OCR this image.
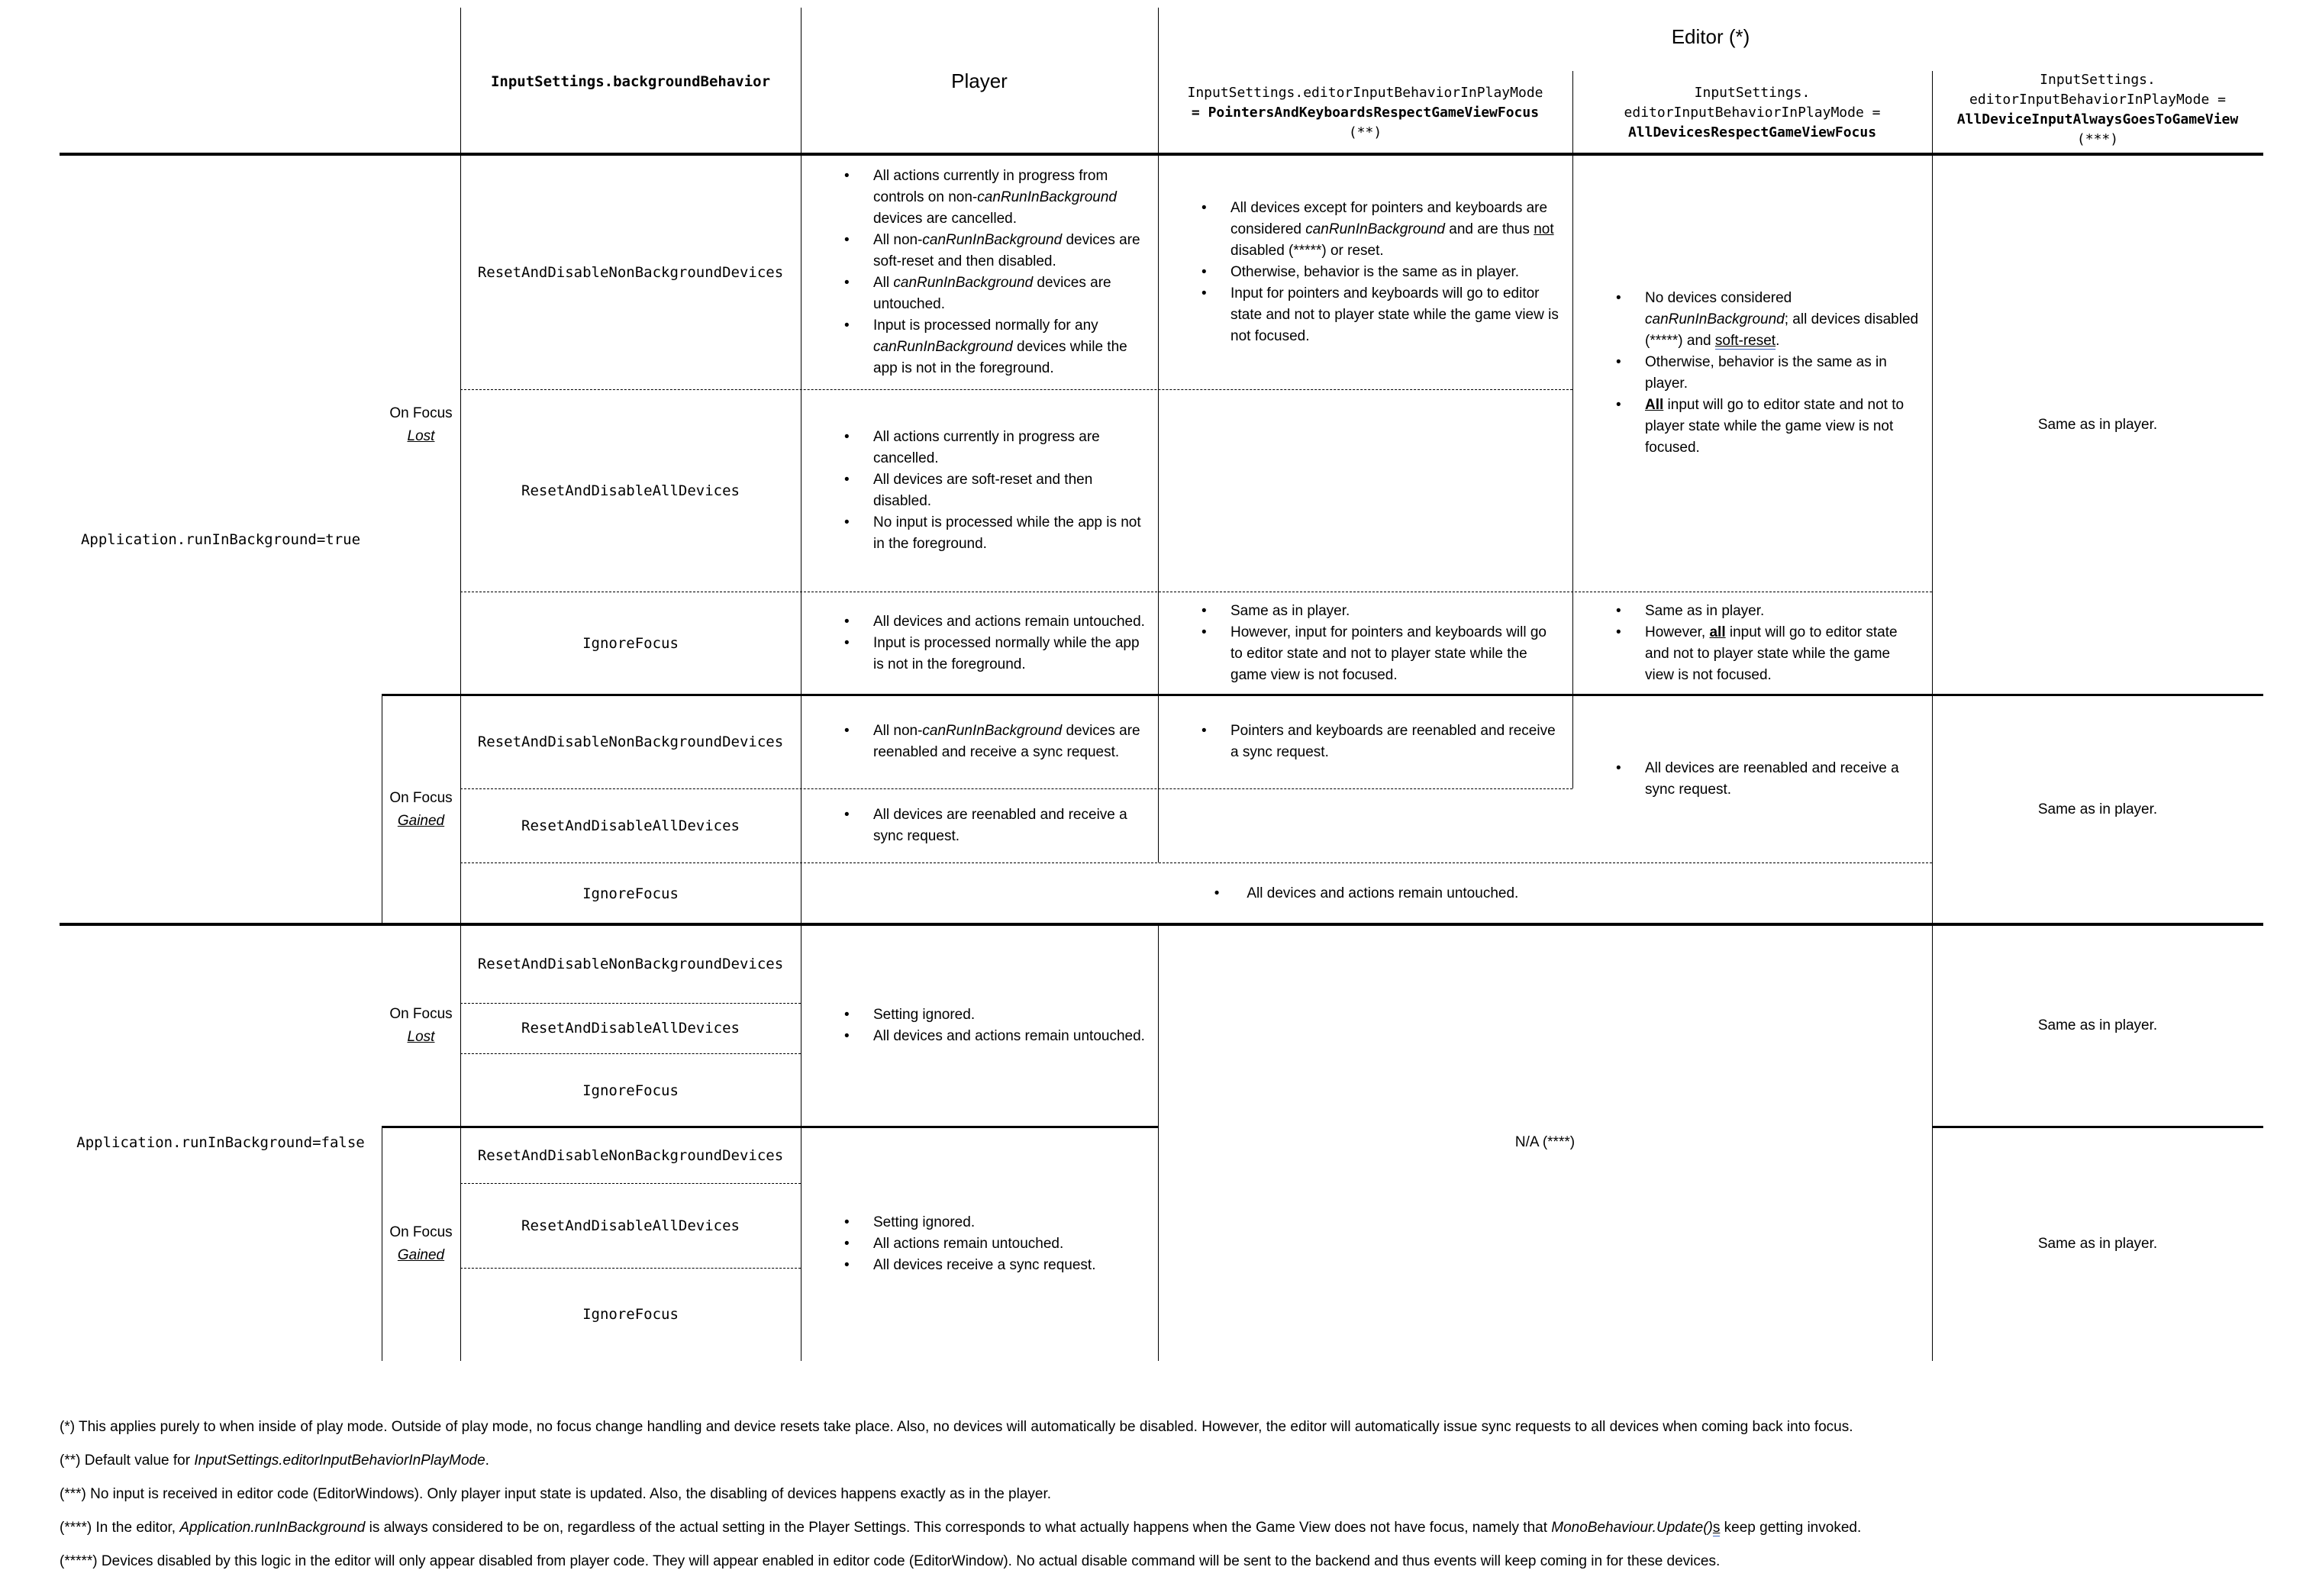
InputSettings.backgroundBehavior	Player
Editor (*)
InputSettings.editorInputBehaviorInPlayMode
= PointersAndKeyboardsRespectGameViewFocus
(**)
InputSettings.
editorInputBehaviorInPlayMode =
AllDevicesRespectGameViewFocus
InputSettings.
editorInputBehaviorInPlayMode =
AllDeviceInputAlwaysGoesToGameView
(***)
Application.runInBackground=true
Application.runInBackground=false
On Focus
Lost
On Focus
Gained
On Focus
Lost
On Focus
Gained
ResetAndDisableNonBackgroundDevices
ResetAndDisableAllDevices
IgnoreFocus
ResetAndDisableNonBackgroundDevices
ResetAndDisableAllDevices
IgnoreFocus
ResetAndDisableNonBackgroundDevices
ResetAndDisableAllDevices
IgnoreFocus
ResetAndDisableNonBackgroundDevices
ResetAndDisableAllDevices
IgnoreFocus
• All actions currently in progress from controls on non-canRunInBackground devices are cancelled.
• All non-canRunInBackground devices are soft-reset and then disabled.
• All canRunInBackground devices are untouched.
• Input is processed normally for any canRunInBackground devices while the app is not in the foreground.
• All actions currently in progress are cancelled.
• All devices are soft-reset and then disabled.
• No input is processed while the app is not in the foreground.
• All devices and actions remain untouched.
• Input is processed normally while the app is not in the foreground.
• All non-canRunInBackground devices are reenabled and receive a sync request.
• All devices are reenabled and receive a sync request.
• All devices except for pointers and keyboards are considered canRunInBackground and are thus not disabled (*****) or reset.
• Otherwise, behavior is the same as in player.
• Input for pointers and keyboards will go to editor state and not to player state while the game view is not focused.
• Same as in player.
• However, input for pointers and keyboards will go to editor state and not to player state while the game view is not focused.
• Pointers and keyboards are reenabled and receive a sync request.
• No devices considered canRunInBackground; all devices disabled (*****) and soft-reset.
• Otherwise, behavior is the same as in player.
• All input will go to editor state and not to player state while the game view is not focused.
• Same as in player.
• However, all input will go to editor state and not to player state while the game view is not focused.
• All devices are reenabled and receive a sync request.
• All devices and actions remain untouched.
Same as in player.
Same as in player.
• Setting ignored.
• All devices and actions remain untouched.
• Setting ignored.
• All actions remain untouched.
• All devices receive a sync request.
N/A (****)
Same as in player.
Same as in player.
(*) This applies purely to when inside of play mode. Outside of play mode, no focus change handling and device resets take place. Also, no devices will automatically be disabled. However, the editor will automatically issue sync requests to all devices when coming back into focus.
(**) Default value for InputSettings.editorInputBehaviorInPlayMode.
(***) No input is received in editor code (EditorWindows). Only player input state is updated. Also, the disabling of devices happens exactly as in the player.
(****) In the editor, Application.runInBackground is always considered to be on, regardless of the actual setting in the Player Settings. This corresponds to what actually happens when the Game View does not have focus, namely that MonoBehaviour.Update()s keep getting invoked.
(*****) Devices disabled by this logic in the editor will only appear disabled from player code. They will appear enabled in editor code (EditorWindow). No actual disable command will be sent to the backend and thus events will keep coming in for these devices.
